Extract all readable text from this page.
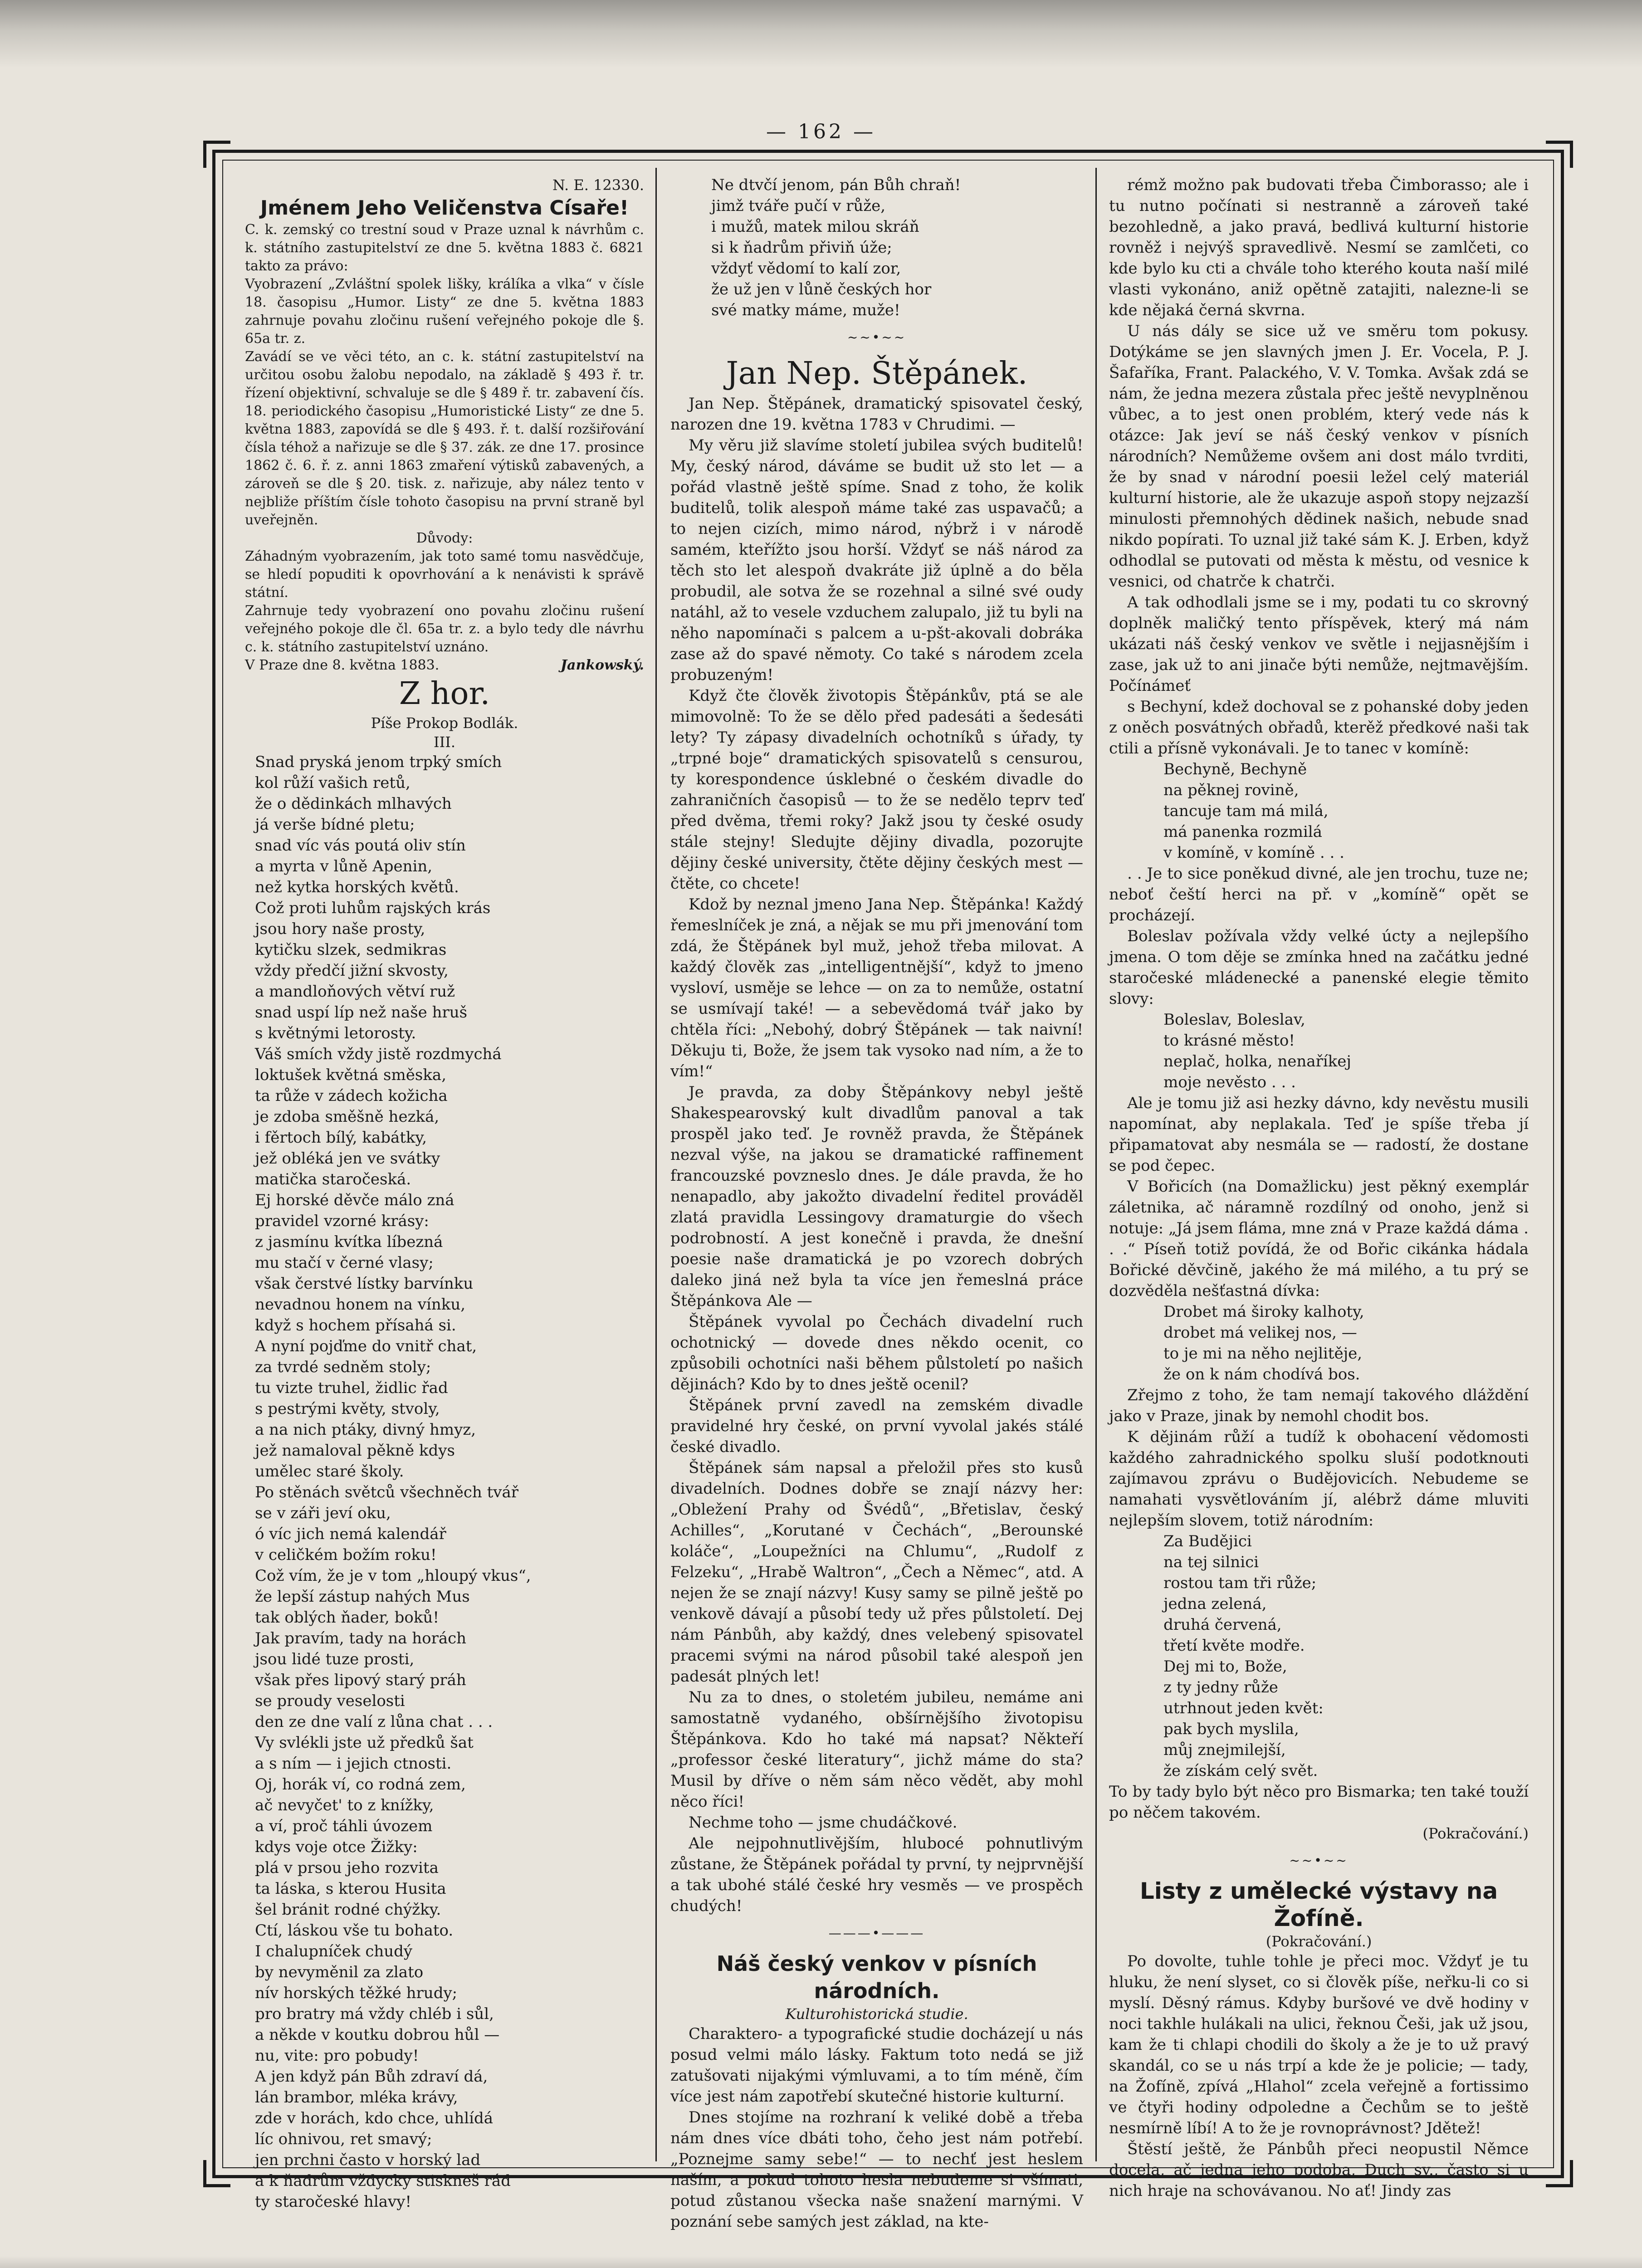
— 162 —

N. E. 12330.

Jménem Jeho Veličenstva Císaře!

C. k. zemský co trestní soud v Praze uznal k návrhům c. k. státního zastupitelství ze dne 5. května 1883 č. 6821 takto za právo:

Vyobrazení „Zvláštní spolek lišky, králíka a vlka“ v čísle 18. časopisu „Humor. Listy“ ze dne 5. května 1883 zahrnuje povahu zločinu rušení veřejného pokoje dle §. 65a tr. z.

Zavádí se ve věci této, an c. k. státní zastupitelství na určitou osobu žalobu nepodalo, na základě § 493 ř. tr. řízení objektivní, schvaluje se dle § 489 ř. tr. zabavení čís. 18. periodického časopisu „Humoristické Listy“ ze dne 5. května 1883, zapovídá se dle § 493. ř. t. další rozšiřování čísla téhož a nařizuje se dle § 37. zák. ze dne 17. prosince 1862 č. 6. ř. z. anni 1863 zmaření výtisků zabavených, a zároveň se dle § 20. tisk. z. nařizuje, aby nález tento v nejbliže příštím čísle tohoto časopisu na první straně byl uveřejněn.

Důvody:

Záhadným vyobrazením, jak toto samé tomu nasvědčuje, se hledí popuditi k opovrhování a k nenávisti k správě státní.

Zahrnuje tedy vyobrazení ono povahu zločinu rušení veřejného pokoje dle čl. 65a tr. z. a bylo tedy dle návrhu c. k. státního zastupitelství uznáno.

V Praze dne 8. května 1883.	Jankowský.

Z hor.

Píše Prokop Bodlák.

III.

Snad pryská jenom trpký smích

kol růží vašich retů,

že o dědinkách mlhavých

já verše bídné pletu;

snad víc vás poutá oliv stín

a myrta v lůně Apenin,

než kytka horských květů.

Což proti luhům rajských krás

jsou hory naše prosty,

kytičku slzek, sedmikras

vždy předčí jižní skvosty,

a mandloňových větví ruž

snad uspí líp než naše hruš

s květnými letorosty.

Váš smích vždy jistě rozdmychá

loktušek květná směska,

ta růže v zádech kožicha

je zdoba směšně hezká,

i fěrtoch bílý, kabátky,

jež obléká jen ve svátky

matička staročeská.

Ej horské děvče málo zná

pravidel vzorné krásy:

z jasmínu kvítka líbezná

mu stačí v černé vlasy;

však čerstvé lístky barvínku

nevadnou honem na vínku,

když s hochem přísahá si.

A nyní pojďme do vnitř chat,

za tvrdé sedněm stoly;

tu vizte truhel, židlic řad

s pestrými květy, stvoly,

a na nich ptáky, divný hmyz,

jež namaloval pěkně kdys

umělec staré školy.

Po stěnách světců všechněch tvář

se v záři jeví oku,

ó víc jich nemá kalendář

v celičkém božím roku!

Což vím, že je v tom „hloupý vkus“,

že lepší zástup nahých Mus

tak oblých ňader, boků!

Jak pravím, tady na horách

jsou lidé tuze prosti,

však přes lipový starý práh

se proudy veselosti

den ze dne valí z lůna chat . . .

Vy svlékli jste už předků šat

a s ním — i jejich ctnosti.

Oj, horák ví, co rodná zem,

ač nevyčet' to z knížky,

a ví, proč táhli úvozem

kdys voje otce Žižky:

plá v prsou jeho rozvita

ta láska, s kterou Husita

šel bránit rodné chýžky.

Ctí, láskou vše tu bohato.

I chalupníček chudý

by nevyměnil za zlato

nív horských těžké hrudy;

pro bratry má vždy chléb i sůl,

a někde v koutku dobrou hůl —

nu, vite: pro pobudy!

A jen když pán Bůh zdraví dá,

lán brambor, mléka krávy,

zde v horách, kdo chce, uhlídá

líc ohnivou, ret smavý;

jen prchni často v horský lad

a k ňadrům vždycky stiskneš rád

ty staročeské hlavy!

Ne dtvčí jenom, pán Bůh chraň!

jimž tváře pučí v růže,

i mužů, matek milou skráň

si k ňadrům přiviň úže;

vždyť vědomí to kalí zor,

že už jen v lůně českých hor

své matky máme, muže!

~~•~~

Jan Nep. Štěpánek.

Jan Nep. Štěpánek, dramatický spisovatel český, narozen dne 19. května 1783 v Chrudimi. —

My věru již slavíme století jubilea svých buditelů! My, český národ, dáváme se budit už sto let — a pořád vlastně ještě spíme. Snad z toho, že kolik buditelů, tolik alespoň máme také zas uspavačů; a to nejen cizích, mimo národ, nýbrž i v národě samém, kteřížto jsou horší. Vždyť se náš národ za těch sto let alespoň dvakráte již úplně a do běla probudil, ale sotva že se rozehnal a silné své oudy natáhl, až to vesele vzduchem zalupalo, již tu byli na něho napomínači s palcem a u-pšt-akovali dobráka zase až do spavé němoty. Co také s národem zcela probuzeným!

Když čte člověk životopis Štěpánkův, ptá se ale mimovolně: To že se dělo před padesáti a šedesáti lety? Ty zápasy divadelních ochotníků s úřady, ty „trpné boje“ dramatických spisovatelů s censurou, ty korespondence úsklebné o českém divadle do zahraničních časopisů — to že se nedělo teprv teď před dvěma, třemi roky? Jakž jsou ty české osudy stále stejny! Sledujte dějiny divadla, pozorujte dějiny české university, čtěte dějiny českých mest — čtěte, co chcete!

Kdož by neznal jmeno Jana Nep. Štěpánka! Každý řemeslníček je zná, a nějak se mu při jmenování tom zdá, že Štěpánek byl muž, jehož třeba milovat. A každý člověk zas „intelligentnější“, když to jmeno vysloví, usměje se lehce — on za to nemůže, ostatní se usmívají také! — a sebevědomá tvář jako by chtěla říci: „Nebohý, dobrý Štěpánek — tak naivní! Děkuju ti, Bože, že jsem tak vysoko nad ním, a že to vím!“

Je pravda, za doby Štěpánkovy nebyl ještě Shakespearovský kult divadlům panoval a tak prospěl jako teď. Je rovněž pravda, že Štěpánek nezval výše, na jakou se dramatické raffinement francouzské povzneslo dnes. Je dále pravda, že ho nenapadlo, aby jakožto divadelní ředitel prováděl zlatá pravidla Lessingovy dramaturgie do všech podrobností. A jest konečně i pravda, že dnešní poesie naše dramatická je po vzorech dobrých daleko jiná než byla ta více jen řemeslná práce Štěpánkova Ale —

Štěpánek vyvolal po Čechách divadelní ruch ochotnický — dovede dnes někdo ocenit, co způsobili ochotníci naši během půlstoletí po našich dějinách? Kdo by to dnes ještě ocenil?

Štěpánek první zavedl na zemském divadle pravidelné hry české, on první vyvolal jakés stálé české divadlo.

Štěpánek sám napsal a přeložil přes sto kusů divadelních. Dodnes dobře se znají názvy her: „Obležení Prahy od Švédů“, „Břetislav, český Achilles“, „Korutané v Čechách“, „Berounské koláče“, „Loupežníci na Chlumu“, „Rudolf z Felzeku“, „Hrabě Waltron“, „Čech a Němec“, atd. A nejen že se znají názvy! Kusy samy se pilně ještě po venkově dávají a působí tedy už přes půlstoletí. Dej nám Pánbůh, aby každý, dnes velebený spisovatel pracemi svými na národ působil také alespoň jen padesát plných let!

Nu za to dnes, o stoletém jubileu, nemáme ani samostatně vydaného, obšírnějšího životopisu Štěpánkova. Kdo ho také má napsat? Někteří „professor české literatury“, jichž máme do sta? Musil by dříve o něm sám něco vědět, aby mohl něco říci!

Nechme toho — jsme chudáčkové.

Ale nejpohnutlivějším, hlubocé pohnutlivým zůstane, že Štěpánek pořádal ty první, ty nejprvnější a tak ubohé stálé české hry vesměs — ve prospěch chudých!

———•———

Náš český venkov v písních národních.

Kulturohistorická studie.

Charaktero- a typografické studie docházejí u nás posud velmi málo lásky. Faktum toto nedá se již zatušovati nijakými výmluvami, a to tím méně, čím více jest nám zapotřebí skutečné historie kulturní.

Dnes stojíme na rozhraní k veliké době a třeba nám dnes více dbáti toho, čeho jest nám potřebí. „Poznejme samy sebe!“ — to nechť jest heslem naším, a pokud tohoto hesla nebudeme si všímati, potud zůstanou všecka naše snažení marnými. V poznání sebe samých jest základ, na kte-

rémž možno pak budovati třeba Čimborasso; ale i tu nutno počínati si nestranně a zároveň také bezohledně, a jako pravá, bedlivá kulturní historie rovněž i nejvýš spravedlivě. Nesmí se zamlčeti, co kde bylo ku cti a chvále toho kterého kouta naší milé vlasti vykonáno, aniž opětně zatajiti, nalezne-li se kde nějaká černá skvrna.

U nás dály se sice už ve směru tom pokusy. Dotýkáme se jen slavných jmen J. Er. Vocela, P. J. Šafaříka, Frant. Palackého, V. V. Tomka. Avšak zdá se nám, že jedna mezera zůstala přec ještě nevyplněnou vůbec, a to jest onen problém, který vede nás k otázce: Jak jeví se náš český venkov v písních národních? Nemůžeme ovšem ani dost málo tvrditi, že by snad v národní poesii ležel celý materiál kulturní historie, ale že ukazuje aspoň stopy nejzazší minulosti přemnohých dědinek našich, nebude snad nikdo popírati. To uznal již také sám K. J. Erben, když odhodlal se putovati od města k městu, od vesnice k vesnici, od chatrče k chatrči.

A tak odhodlali jsme se i my, podati tu co skrovný doplněk maličký tento příspěvek, který má nám ukázati náš český venkov ve světle i nejjasnějším i zase, jak už to ani jinače býti nemůže, nejtmavějším. Počínámeť

s Bechyní, kdež dochoval se z pohanské doby jeden z oněch posvátných obřadů, kterěž předkové naši tak ctili a přísně vykonávali. Je to tanec v komíně:

Bechyně, Bechyně

na pěknej rovině,

tancuje tam má milá,

má panenka rozmilá

v komíně, v komíně . . .

. . Je to sice poněkud divné, ale jen trochu, tuze ne; neboť čeští herci na př. v „komíně“ opět se procházejí.

Boleslav požívala vždy velké úcty a nejlepšího jmena. O tom děje se zmínka hned na začátku jedné staročeské mládenecké a panenské elegie těmito slovy:

Boleslav, Boleslav,

to krásné město!

neplač, holka, nenaříkej

moje nevěsto . . .

Ale je tomu již asi hezky dávno, kdy nevěstu musili napomínat, aby neplakala. Teď je spíše třeba jí připamatovat aby nesmála se — radostí, že dostane se pod čepec.

V Bořicích (na Domažlicku) jest pěkný exemplár záletnika, ač náramně rozdílný od onoho, jenž si notuje: „Já jsem fláma, mne zná v Praze každá dáma . . .“ Píseň totiž povídá, že od Bořic cikánka hádala Bořické děvčině, jakého že má milého, a tu prý se dozvěděla nešťastná dívka:

Drobet má široky kalhoty,

drobet má velikej nos, —

to je mi na něho nejlitěje,

že on k nám chodívá bos.

Zřejmo z toho, že tam nemají takového dláždění jako v Praze, jinak by nemohl chodit bos.

K dějinám růží a tudíž k obohacení vědomosti každého zahradnického spolku sluší podotknouti zajímavou zprávu o Budějovicích. Nebudeme se namahati vysvětlováním jí, alébrž dáme mluviti nejlepším slovem, totiž národním:

Za Budějici

na tej silnici

rostou tam tři růže;

jedna zelená,

druhá červená,

třetí květe modře.

Dej mi to, Bože,

z ty jedny růže

utrhnout jeden květ:

pak bych myslila,

můj znejmilejší,

že získám celý svět.

To by tady bylo být něco pro Bismarka; ten také touží po něčem takovém.

(Pokračování.)

~~•~~

Listy z umělecké výstavy na Žofíně.

(Pokračování.)

Po dovolte, tuhle tohle je přeci moc. Vždyť je tu hluku, že není slyset, co si člověk píše, neřku-li co si myslí. Děsný rámus. Kdyby buršové ve dvě hodiny v noci takhle hulákali na ulici, řeknou Češi, jak už jsou, kam že ti chlapi chodili do školy a že je to už pravý skandál, co se u nás trpí a kde že je policie; — tady, na Žofíně, zpívá „Hlahol“ zcela veřejně a fortissimo ve čtyři hodiny odpoledne a Čechům se to ještě nesmírně líbí! A to že je rovnoprávnost? Jdětež!

Štěstí ještě, že Pánbůh přeci neopustil Němce docela, ač jedna jeho podoba, Duch sv., často si u nich hraje na schovávanou. No ať! Jindy zas
